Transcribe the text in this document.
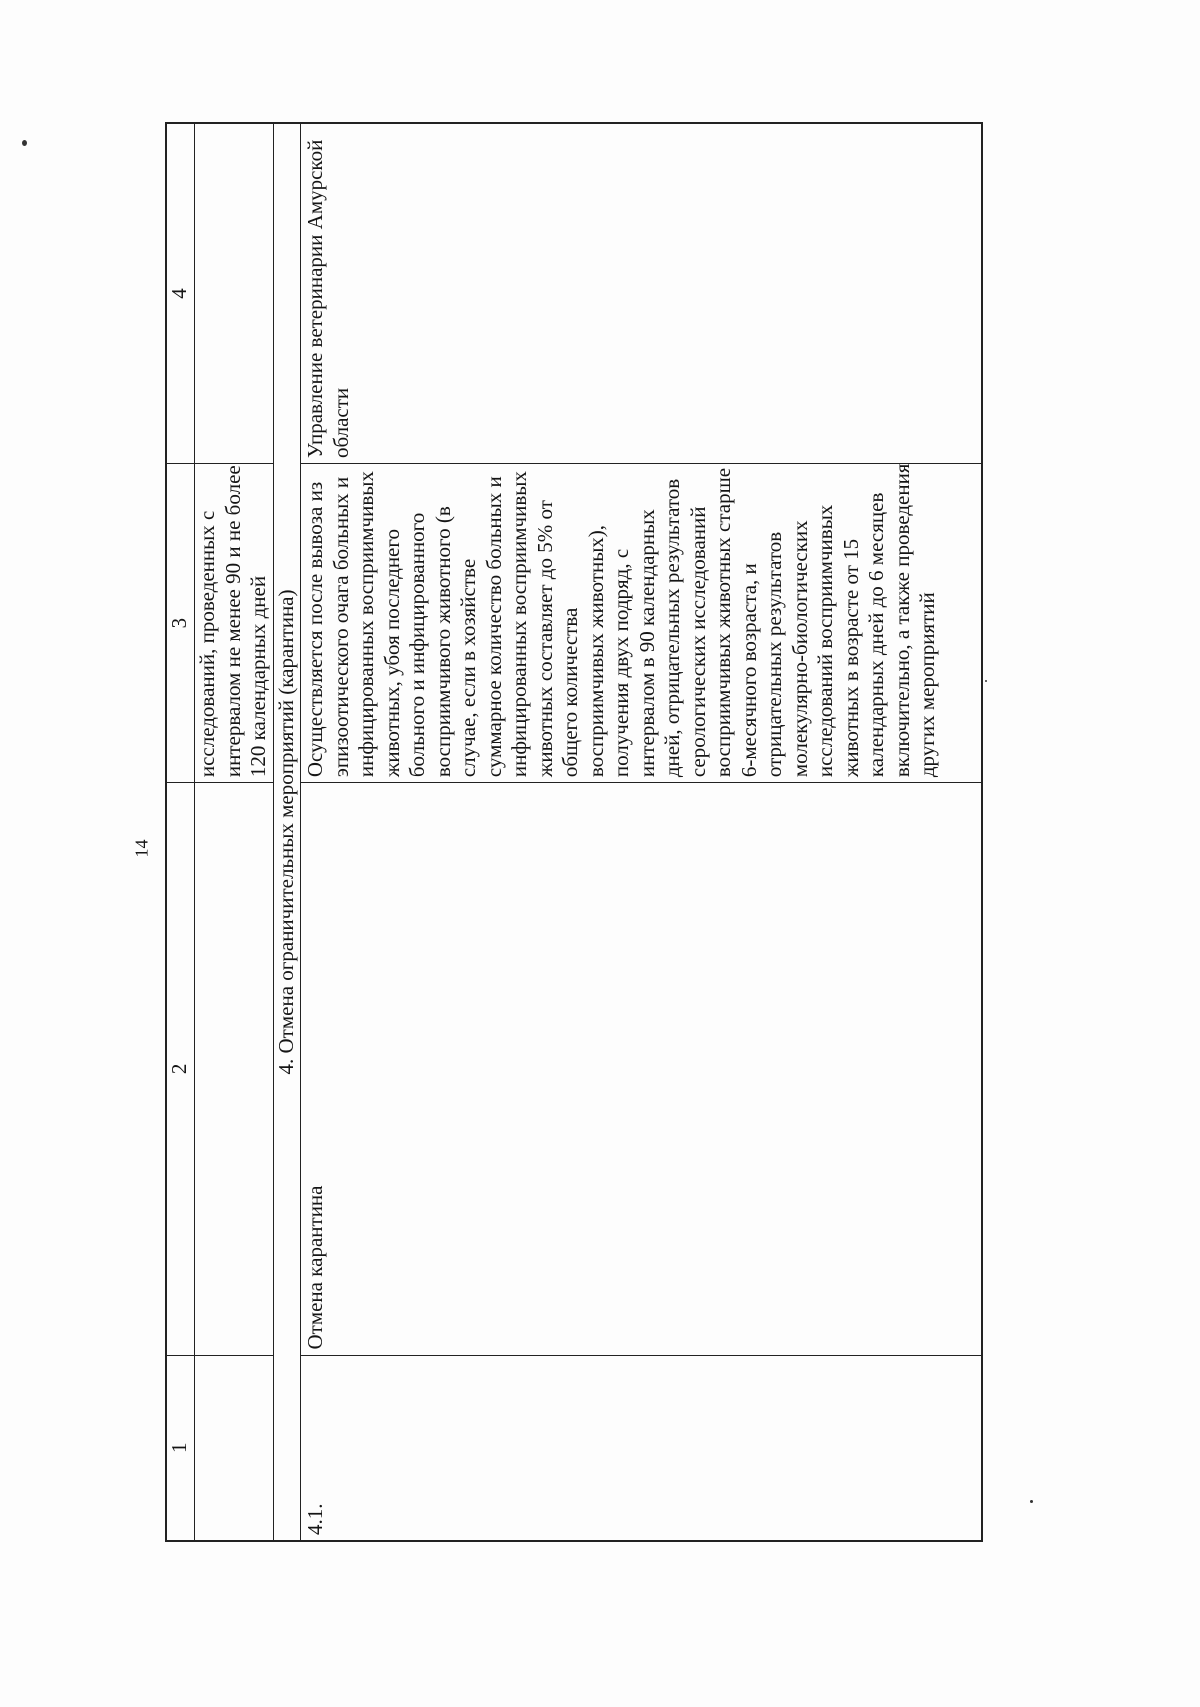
14
1
2
3
4

исследований, проведенных с интервалом не менее 90 и не более 120 календарных дней 4. Отмена ограничительных мероприятий (карантина)
4.1.
Отмена карантина

Осуществляется после вывоза из эпизоотического очага больных и инфицированных восприимчивых животных, убоя последнего больного и инфицированного восприимчивого животного (в случае, если в хозяйстве суммарное количество больных и инфицированных восприимчивых животных составляет до 5% от общего количества восприимчивых животных), получения двух подряд, с интервалом в 90 календарных дней, отрицательных результатов серологических исследований восприимчивых животных старше 6-месячного возраста, и отрицательных результатов молекулярно-биологических исследований восприимчивых животных в возрасте от 15 календарных дней до 6 месяцев включительно, а также проведения других мероприятий

Управление ветеринарии Амурской области
